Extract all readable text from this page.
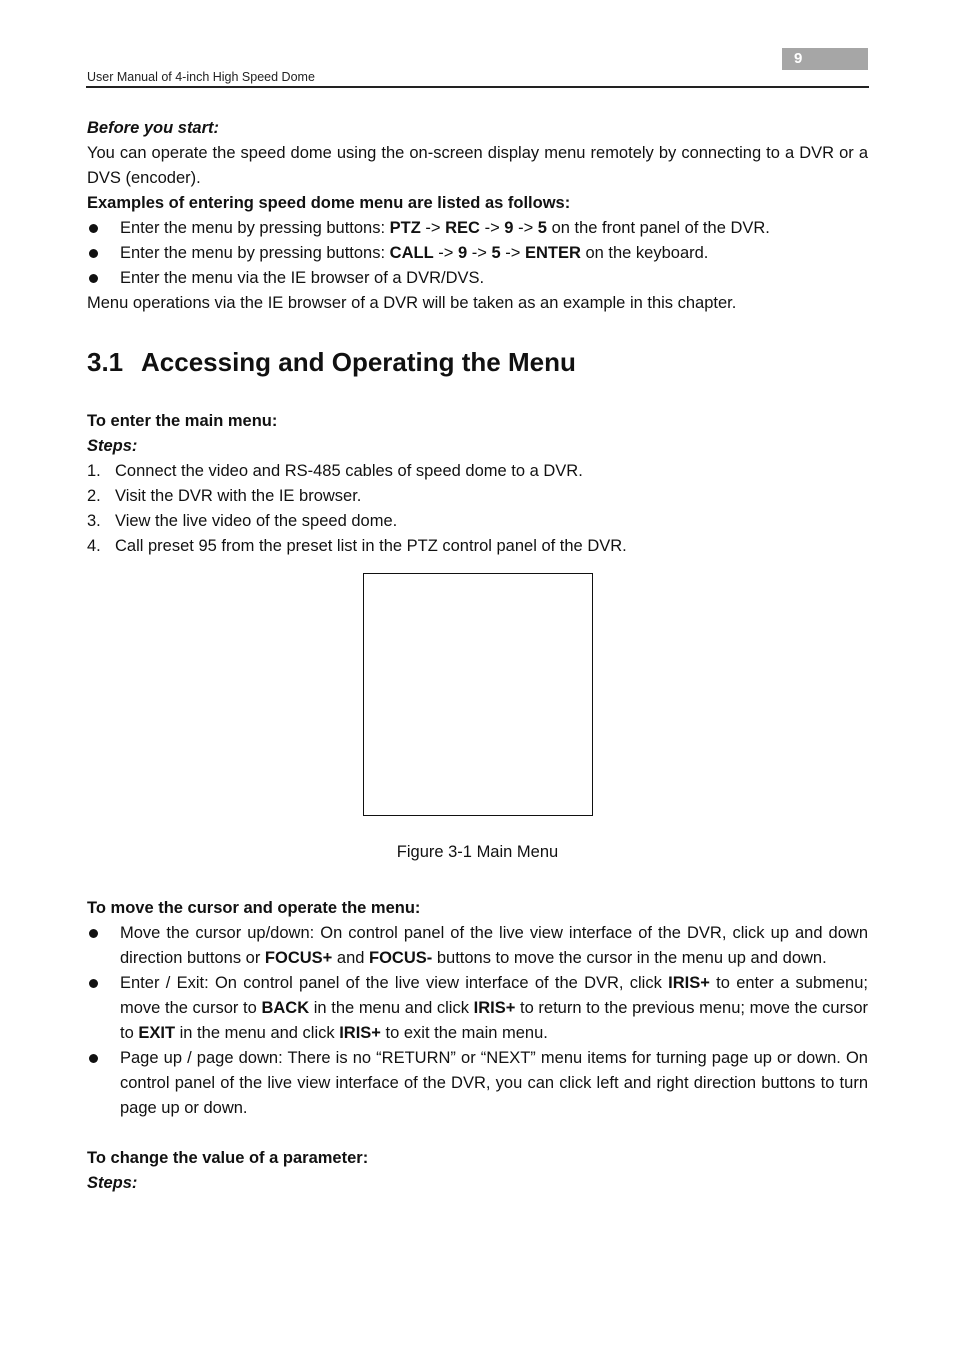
9
User Manual of 4-inch High Speed Dome

Before you start:

You can operate the speed dome using the on-screen display menu remotely by connecting to a DVR or a DVS (encoder).

Examples of entering speed dome menu are listed as follows:

Enter the menu by pressing buttons: PTZ -> REC -> 9 -> 5 on the front panel of the DVR.
Enter the menu by pressing buttons: CALL -> 9 -> 5 -> ENTER on the keyboard.
Enter the menu via the IE browser of a DVR/DVS.

Menu operations via the IE browser of a DVR will be taken as an example in this chapter.

3.1 Accessing and Operating the Menu

To enter the main menu:

Steps:

1. Connect the video and RS-485 cables of speed dome to a DVR.
2. Visit the DVR with the IE browser.
3. View the live video of the speed dome.
4. Call preset 95 from the preset list in the PTZ control panel of the DVR.

Figure 3-1 Main Menu

To move the cursor and operate the menu:

Move the cursor up/down: On control panel of the live view interface of the DVR, click up and down direction buttons or FOCUS+ and FOCUS- buttons to move the cursor in the menu up and down.
Enter / Exit: On control panel of the live view interface of the DVR, click IRIS+ to enter a submenu; move the cursor to BACK in the menu and click IRIS+ to return to the previous menu; move the cursor to EXIT in the menu and click IRIS+ to exit the main menu.
Page up / page down: There is no “RETURN” or “NEXT” menu items for turning page up or down. On control panel of the live view interface of the DVR, you can click left and right direction buttons to turn page up or down.

To change the value of a parameter:

Steps:
